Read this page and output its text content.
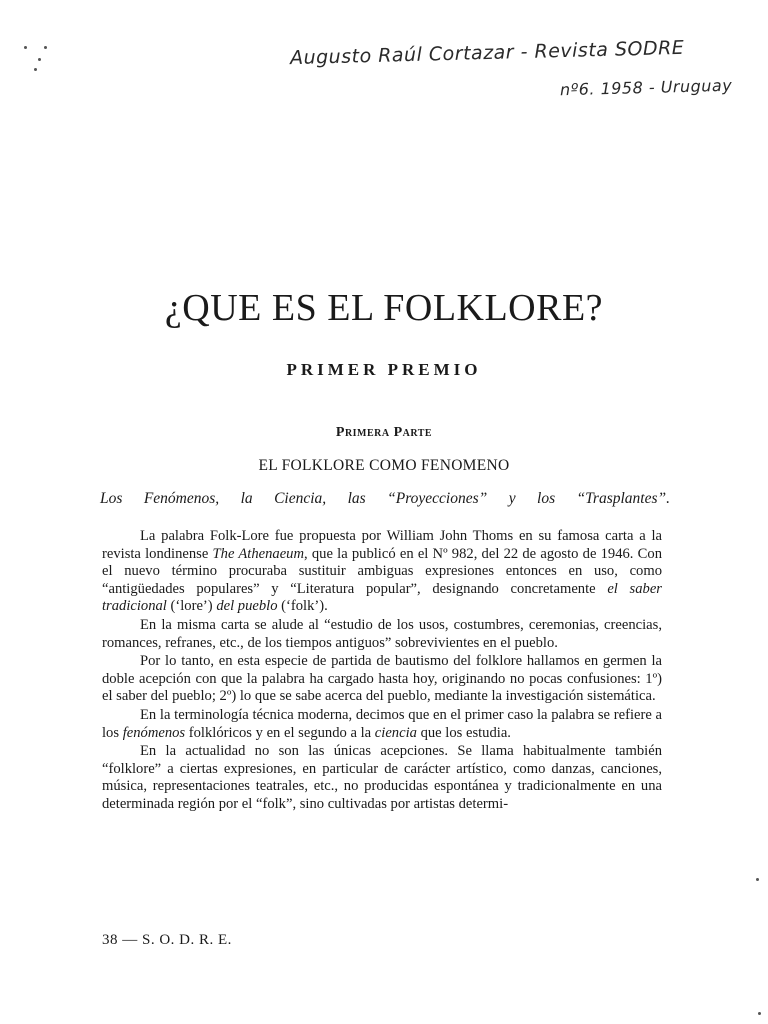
Augusto Raúl Cortazar - Revista SODRE
nº6. 1958 - Uruguay
¿QUE ES EL FOLKLORE?
PRIMER PREMIO
Primera Parte
EL FOLKLORE COMO FENOMENO
Los Fenómenos, la Ciencia, las “Proyecciones” y los “Trasplantes”.

La palabra Folk-Lore fue propuesta por William John Thoms en su famosa carta a la revista londinense The Athenaeum, que la publicó en el Nº 982, del 22 de agosto de 1946. Con el nuevo término procuraba sustituir ambiguas expresiones entonces en uso, como “antigüedades populares” y “Literatura popular”, designando concretamente el saber tradicional (‘lore’) del pueblo (‘folk’).

En la misma carta se alude al “estudio de los usos, costumbres, ceremonias, creencias, romances, refranes, etc., de los tiempos antiguos” sobrevivientes en el pueblo.

Por lo tanto, en esta especie de partida de bautismo del folklore hallamos en germen la doble acepción con que la palabra ha cargado hasta hoy, originando no pocas confusiones: 1º) el saber del pueblo; 2º) lo que se sabe acerca del pueblo, mediante la investigación sistemática.

En la terminología técnica moderna, decimos que en el primer caso la palabra se refiere a los fenómenos folklóricos y en el segundo a la ciencia que los estudia.

En la actualidad no son las únicas acepciones. Se llama habitualmente también “folklore” a ciertas expresiones, en particular de carácter artístico, como danzas, canciones, música, representaciones teatrales, etc., no producidas espontánea y tradicionalmente en una determinada región por el “folk”, sino cultivadas por artistas determi-

38 — S. O. D. R. E.
